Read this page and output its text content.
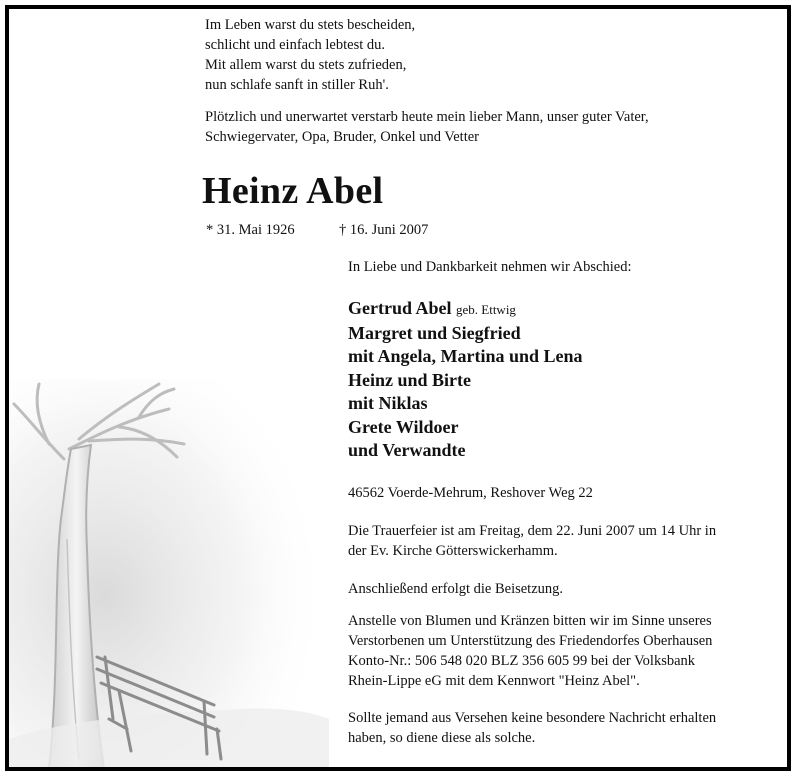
Im Leben warst du stets bescheiden,
schlicht und einfach lebtest du.
Mit allem warst du stets zufrieden,
nun schlafe sanft in stiller Ruh'.

Plötzlich und unerwartet verstarb heute mein lieber Mann, unser guter Vater,
Schwiegervater, Opa, Bruder, Onkel und Vetter

Heinz Abel
* 31. Mai 1926	† 16. Juni 2007

In Liebe und Dankbarkeit nehmen wir Abschied:

Gertrud Abel geb. Ettwig
Margret und Siegfried
mit Angela, Martina und Lena
Heinz und Birte
mit Niklas
Grete Wildoer
und Verwandte

46562 Voerde-Mehrum, Reshover Weg 22

Die Trauerfeier ist am Freitag, dem 22. Juni 2007 um 14 Uhr in
der Ev. Kirche Götterswickerhamm.

Anschließend erfolgt die Beisetzung.

Anstelle von Blumen und Kränzen bitten wir im Sinne unseres
Verstorbenen um Unterstützung des Friedendorfes Oberhausen
Konto-Nr.: 506 548 020 BLZ 356 605 99 bei der Volksbank
Rhein-Lippe eG mit dem Kennwort "Heinz Abel".

Sollte jemand aus Versehen keine besondere Nachricht erhalten
haben, so diene diese als solche.
